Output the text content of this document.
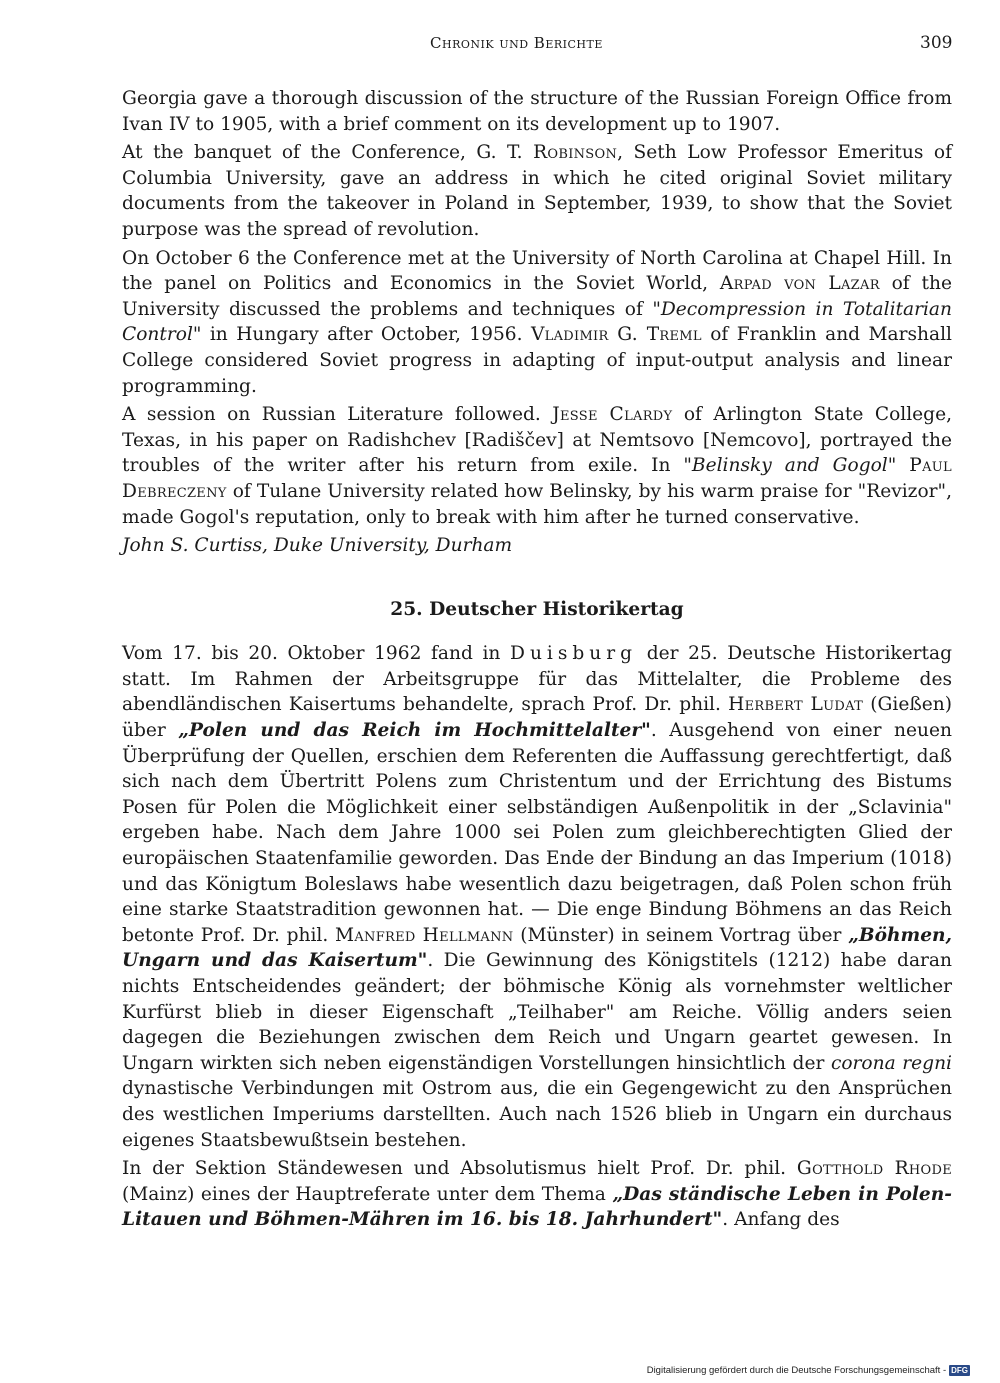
Chronik und Berichte	309

Georgia gave a thorough discussion of the structure of the Russian Foreign Office from Ivan IV to 1905, with a brief comment on its development up to 1907.

At the banquet of the Conference, G. T. Robinson, Seth Low Professor Emeritus of Columbia University, gave an address in which he cited original Soviet military documents from the takeover in Poland in September, 1939, to show that the Soviet purpose was the spread of revolution.

On October 6 the Conference met at the University of North Carolina at Chapel Hill. In the panel on Politics and Economics in the Soviet World, Arpad von Lazar of the University discussed the problems and techniques of "Decompression in Totalitarian Control" in Hungary after October, 1956. Vladimir G. Treml of Franklin and Marshall College considered Soviet progress in adapting of input-output analysis and linear programming.

A session on Russian Literature followed. Jesse Clardy of Arlington State College, Texas, in his paper on Radishchev [Radiščev] at Nemtsovo [Nemcovo], portrayed the troubles of the writer after his return from exile. In "Belinsky and Gogol" Paul Debreczeny of Tulane University related how Belinsky, by his warm praise for "Revizor", made Gogol's reputation, only to break with him after he turned conservative.

John S. Curtiss, Duke University, Durham

25. Deutscher Historikertag

Vom 17. bis 20. Oktober 1962 fand in Duisburg der 25. Deutsche Historikertag statt. Im Rahmen der Arbeitsgruppe für das Mittelalter, die Probleme des abendländischen Kaisertums behandelte, sprach Prof. Dr. phil. Herbert Ludat (Gießen) über „Polen und das Reich im Hochmittelalter". Ausgehend von einer neuen Überprüfung der Quellen, erschien dem Referenten die Auffassung gerechtfertigt, daß sich nach dem Übertritt Polens zum Christentum und der Errichtung des Bistums Posen für Polen die Möglichkeit einer selbständigen Außenpolitik in der „Sclavinia" ergeben habe. Nach dem Jahre 1000 sei Polen zum gleichberechtigten Glied der europäischen Staatenfamilie geworden. Das Ende der Bindung an das Imperium (1018) und das Königtum Boleslaws habe wesentlich dazu beigetragen, daß Polen schon früh eine starke Staatstradition gewonnen hat. — Die enge Bindung Böhmens an das Reich betonte Prof. Dr. phil. Manfred Hellmann (Münster) in seinem Vortrag über „Böhmen, Ungarn und das Kaisertum". Die Gewinnung des Königstitels (1212) habe daran nichts Entscheidendes geändert; der böhmische König als vornehmster weltlicher Kurfürst blieb in dieser Eigenschaft „Teilhaber" am Reiche. Völlig anders seien dagegen die Beziehungen zwischen dem Reich und Ungarn geartet gewesen. In Ungarn wirkten sich neben eigenständigen Vorstellungen hinsichtlich der corona regni dynastische Verbindungen mit Ostrom aus, die ein Gegengewicht zu den Ansprüchen des westlichen Imperiums darstellten. Auch nach 1526 blieb in Ungarn ein durchaus eigenes Staatsbewußtsein bestehen.

In der Sektion Ständewesen und Absolutismus hielt Prof. Dr. phil. Gotthold Rhode (Mainz) eines der Hauptreferate unter dem Thema „Das ständische Leben in Polen-Litauen und Böhmen-Mähren im 16. bis 18. Jahrhundert". Anfang des

Digitalisierung gefördert durch die Deutsche Forschungsgemeinschaft - DFG
